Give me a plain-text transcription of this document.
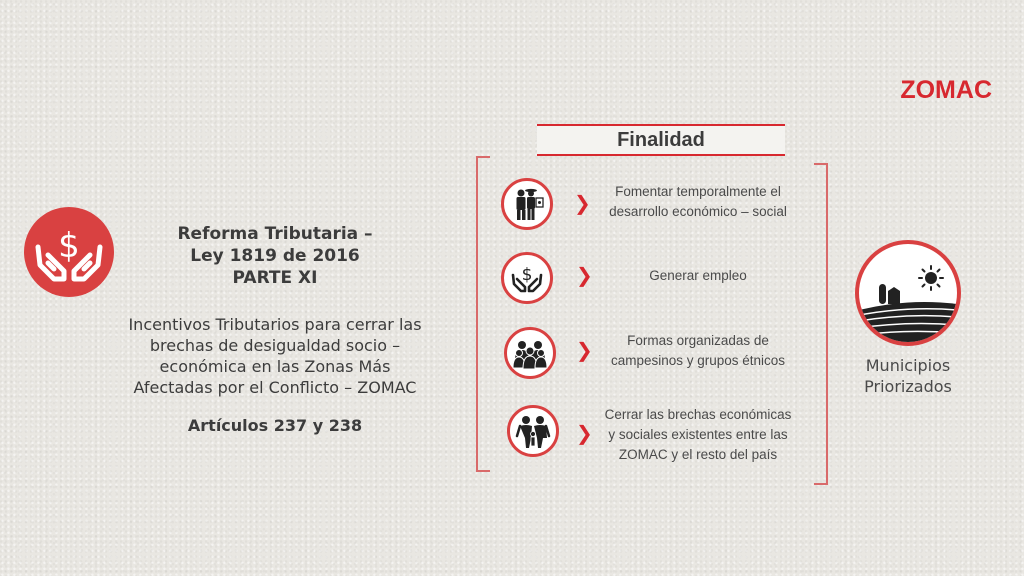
ZOMAC
$	Reforma Tributaria –
Ley 1819 de 2016
PARTE XI
Incentivos Tributarios para cerrar las
brechas de desigualdad socio –
económica en las Zonas Más
Afectadas por el Conflicto – ZOMAC
Artículos 237 y 238
Finalidad
❯	Fomentar temporalmente el
desarrollo económico – social
$ ❯	Generar empleo
❯	Formas organizadas de
campesinos y grupos étnicos
❯
Cerrar las brechas económicas
y sociales existentes entre las
ZOMAC y el resto del país
Municipios
Priorizados
